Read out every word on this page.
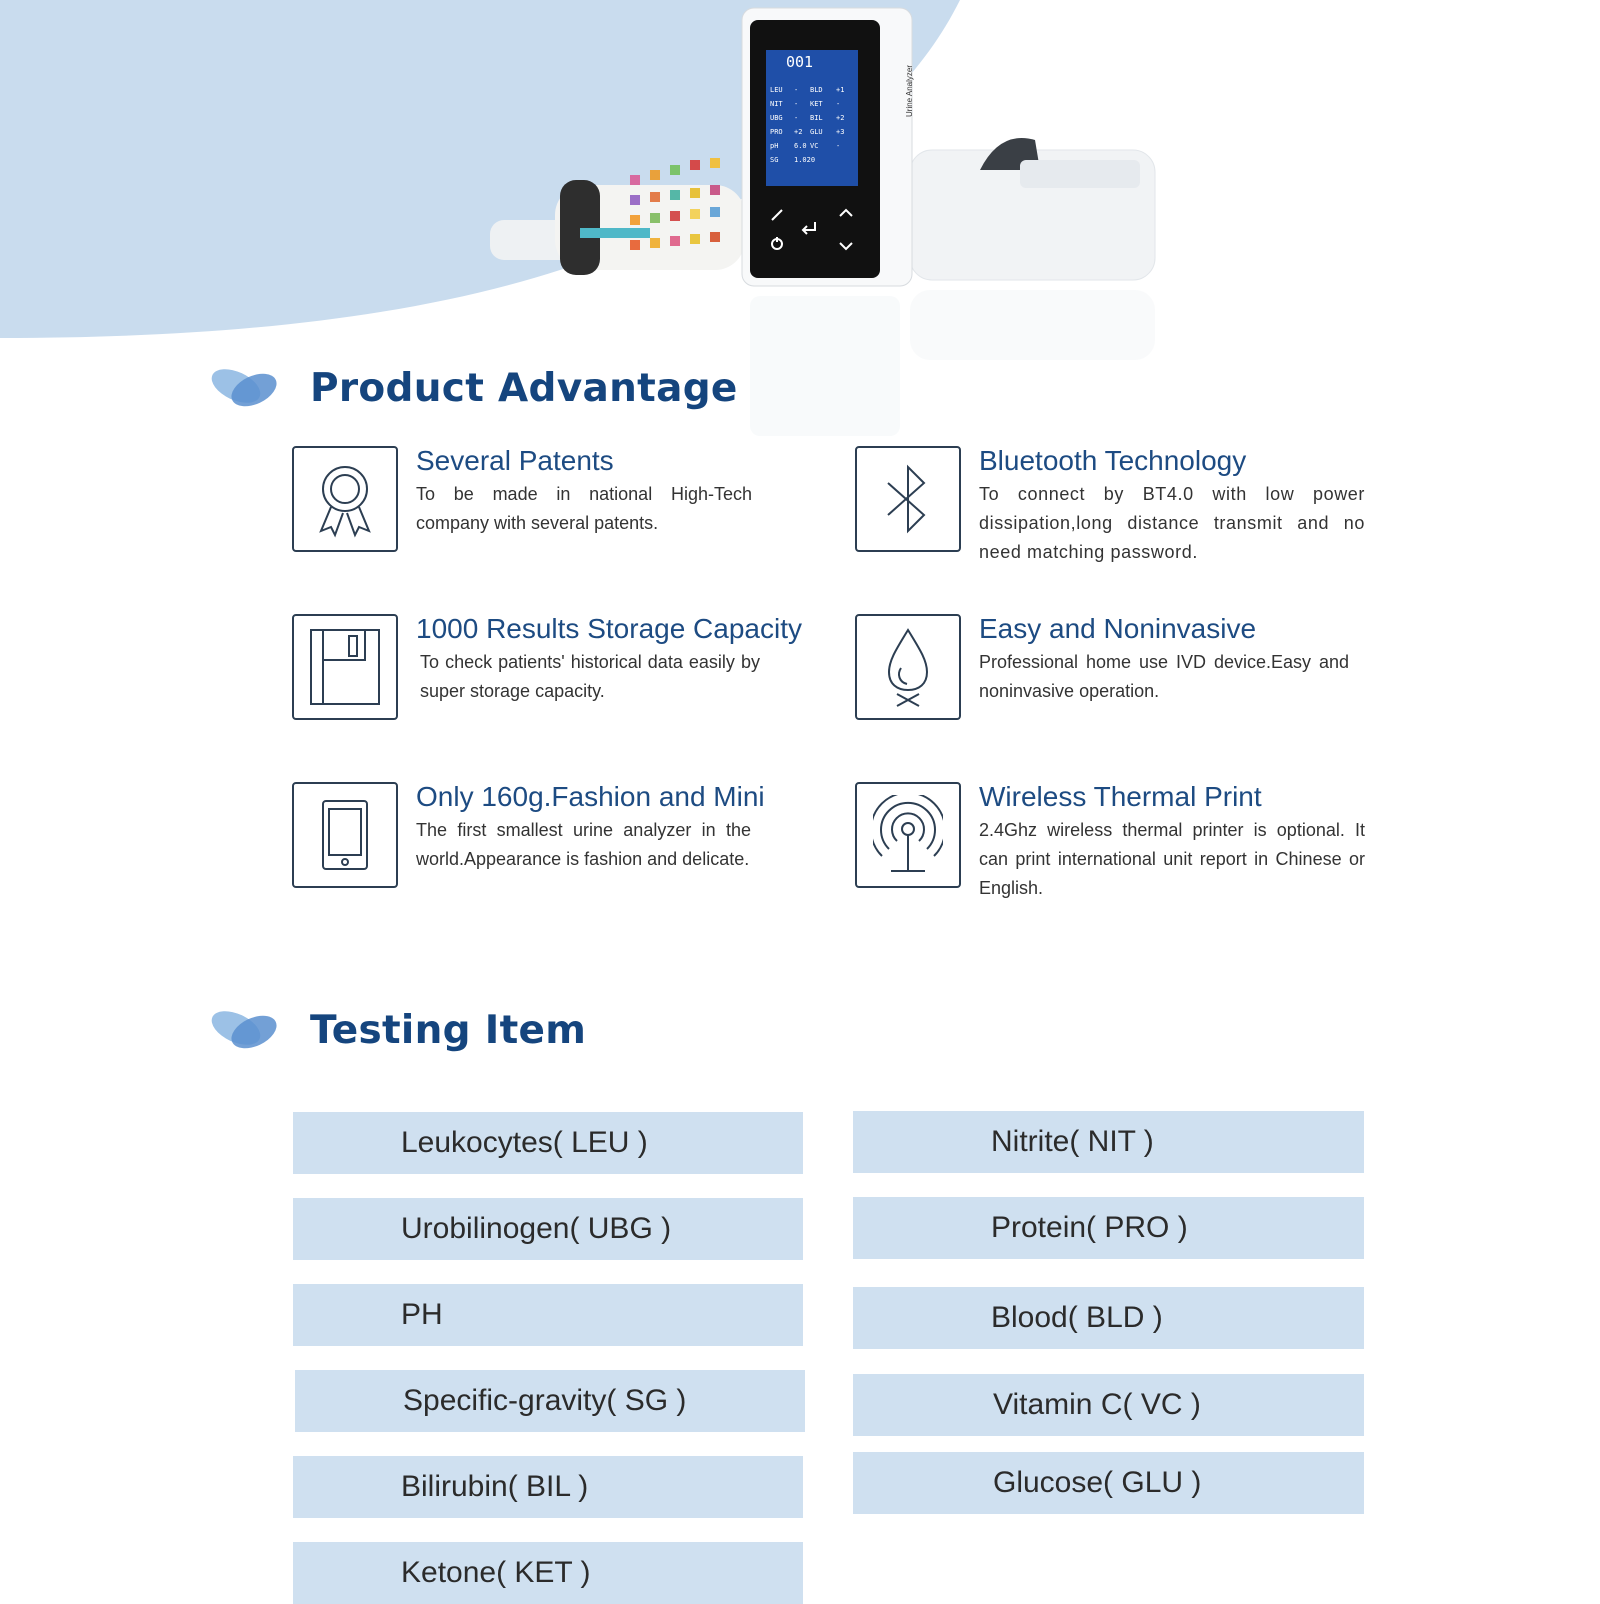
001
LEU - BLD +1
NIT - KET -
UBG - BIL +2
PRO +2 GLU +3
pH 6.0 VC	-
SG 1.020
Urine Analyzer
Product Advantage
Several Patents

To be made in national High-Tech company with several patents.

Bluetooth Technology

To connect by BT4.0 with low power dissipation,long distance transmit and no need matching password.

1000 Results Storage Capacity

To check patients' historical data easily by super storage capacity.

Easy and Noninvasive

Professional home use IVD device.Easy and noninvasive operation.

Only 160g.Fashion and Mini

The first smallest urine analyzer in the world.Appearance is fashion and delicate.

Wireless Thermal Print

2.4Ghz wireless thermal printer is optional. It can print international unit report in Chinese or English.

Testing Item
Leukocytes( LEU )
Urobilinogen( UBG )
PH
Specific-gravity( SG )
Bilirubin( BIL )
Ketone( KET )
Nitrite( NIT )
Protein( PRO )
Blood( BLD )
Vitamin C( VC )
Glucose( GLU )
